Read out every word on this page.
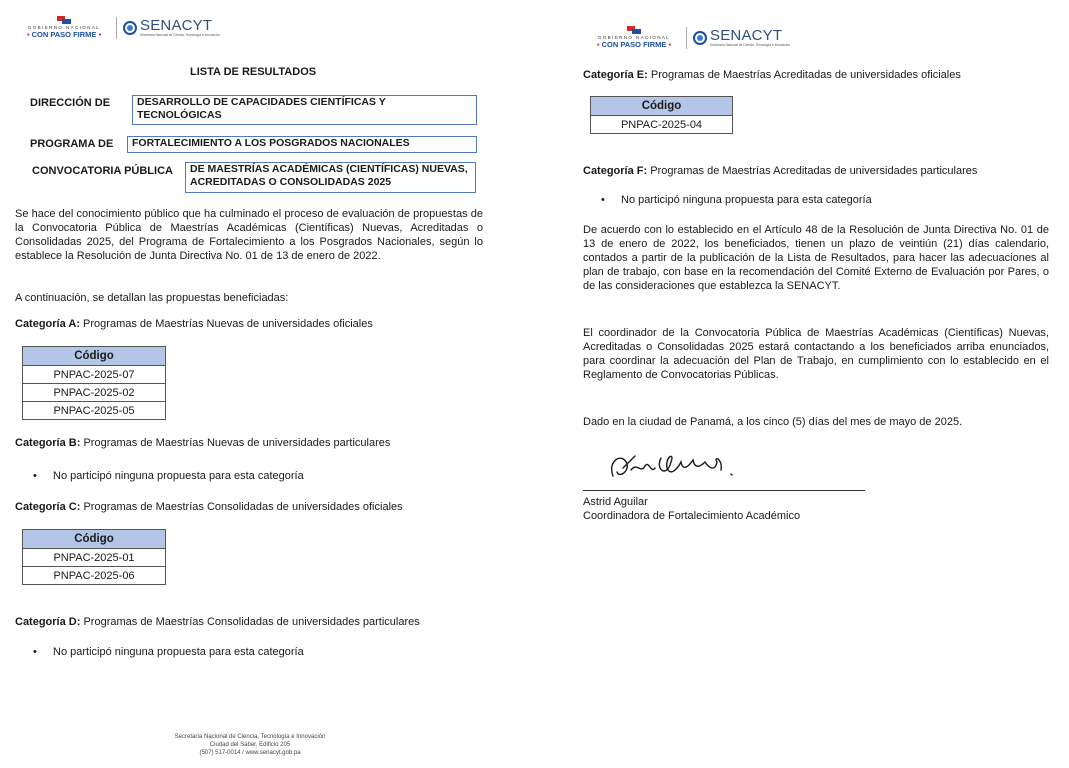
GOBIERNO NACIONAL
▪ CON PASO FIRME ▪
SENACYT
Secretaría Nacional de Ciencia, Tecnología e Innovación
LISTA DE RESULTADOS
DIRECCIÓN DE	DESARROLLO DE CAPACIDADES CIENTÍFICAS Y TECNOLÓGICAS
PROGRAMA DE	FORTALECIMIENTO A LOS POSGRADOS NACIONALES
CONVOCATORIA PÚBLICA	DE MAESTRÍAS ACADÉMICAS (CIENTÍFICAS) NUEVAS, ACREDITADAS O CONSOLIDADAS 2025
Se hace del conocimiento público que ha culminado el proceso de evaluación de propuestas de la Convocatoria Pública de Maestrías Académicas (Científicas) Nuevas, Acreditadas o Consolidadas 2025, del Programa de Fortalecimiento a los Posgrados Nacionales, según lo establece la Resolución de Junta Directiva No. 01 de 13 de enero de 2022.
A continuación, se detallan las propuestas beneficiadas:
Categoría A: Programas de Maestrías Nuevas de universidades oficiales
Código
PNPAC-2025-07
PNPAC-2025-02
PNPAC-2025-05
Categoría B: Programas de Maestrías Nuevas de universidades particulares
• No participó ninguna propuesta para esta categoría
Categoría C: Programas de Maestrías Consolidadas de universidades oficiales
Código
PNPAC-2025-01
PNPAC-2025-06
Categoría D: Programas de Maestrías Consolidadas de universidades particulares
• No participó ninguna propuesta para esta categoría
Secretaría Nacional de Ciencia, Tecnología e Innovación
Ciudad del Saber, Edificio 205
(507) 517-0014 / www.senacyt.gob.pa
GOBIERNO NACIONAL
▪ CON PASO FIRME ▪
SENACYT
Secretaría Nacional de Ciencia, Tecnología e Innovación
Categoría E: Programas de Maestrías Acreditadas de universidades oficiales
Código
PNPAC-2025-04
Categoría F: Programas de Maestrías Acreditadas de universidades particulares
• No participó ninguna propuesta para esta categoría
De acuerdo con lo establecido en el Artículo 48 de la Resolución de Junta Directiva No. 01 de 13 de enero de 2022, los beneficiados, tienen un plazo de veintiún (21) días calendario, contados a partir de la publicación de la Lista de Resultados, para hacer las adecuaciones al plan de trabajo, con base en la recomendación del Comité Externo de Evaluación por Pares, o de las consideraciones que establezca la SENACYT.
El coordinador de la Convocatoria Pública de Maestrías Académicas (Científicas) Nuevas, Acreditadas o Consolidadas 2025 estará contactando a los beneficiados arriba enunciados, para coordinar la adecuación del Plan de Trabajo, en cumplimiento con lo establecido en el Reglamento de Convocatorias Públicas.
Dado en la ciudad de Panamá, a los cinco (5) días del mes de mayo de 2025.
Astrid Aguilar
Coordinadora de Fortalecimiento Académico
